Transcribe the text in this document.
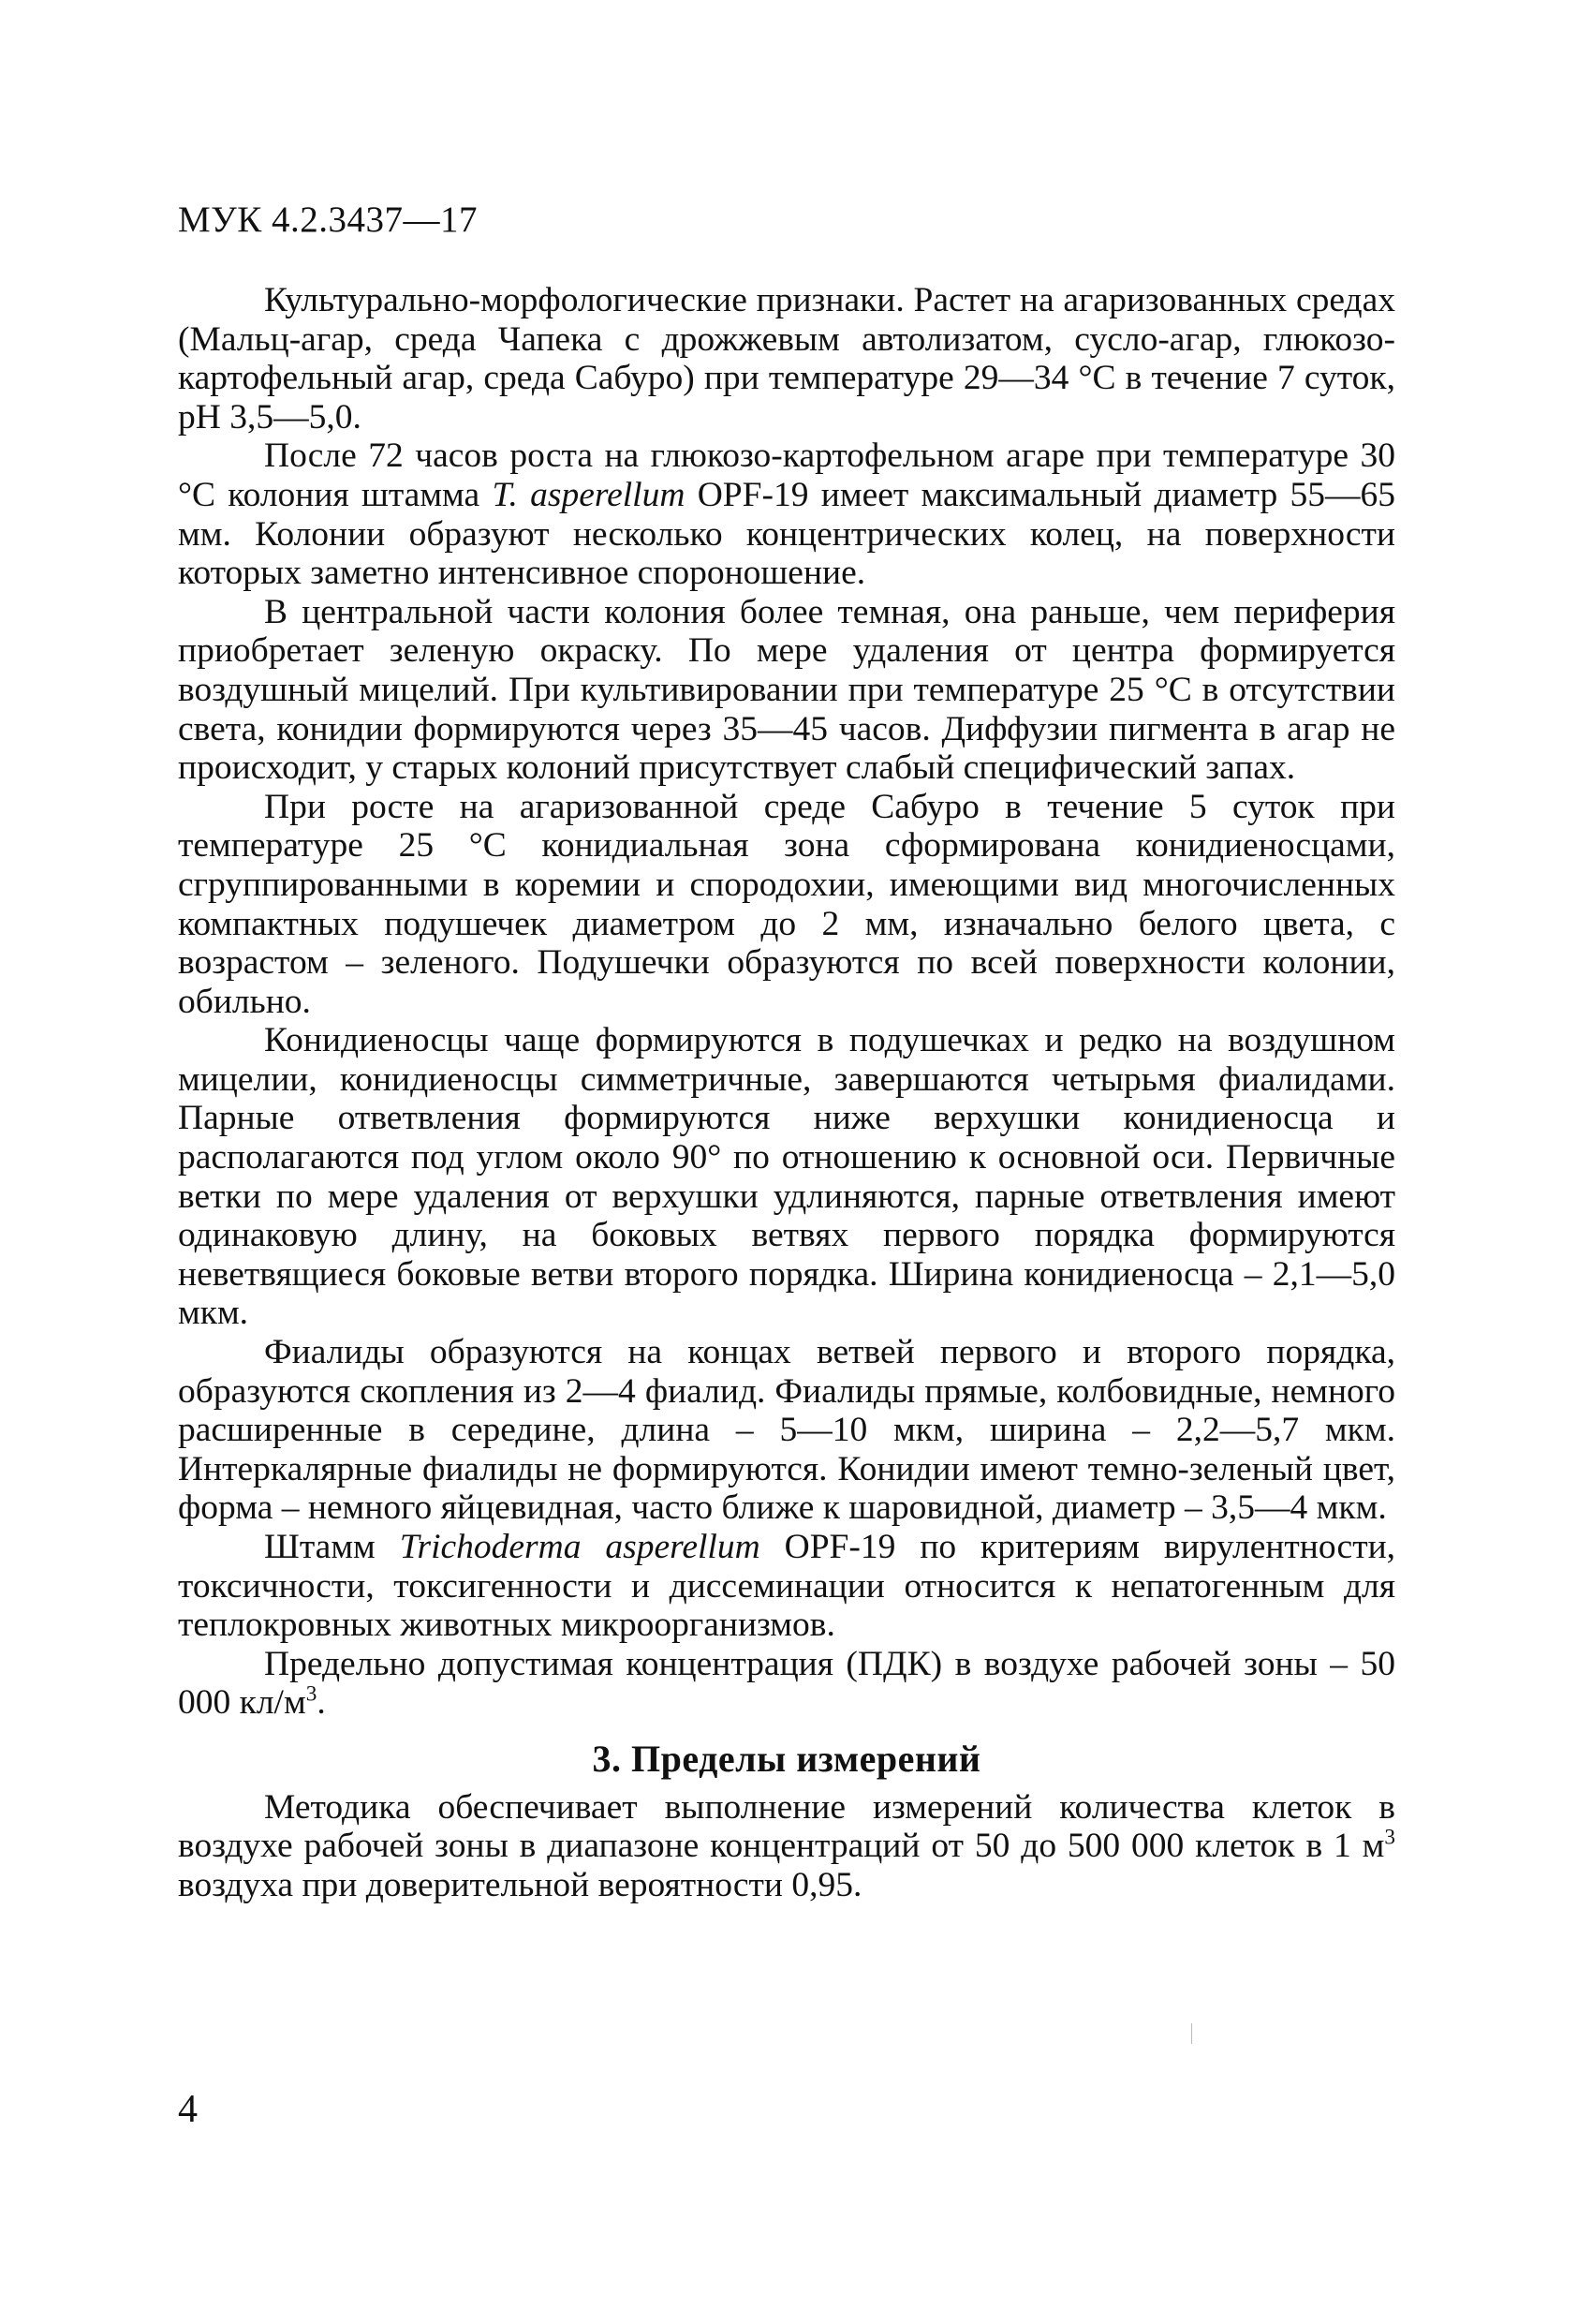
МУК 4.2.3437—17

Культурально-морфологические признаки. Растет на агаризованных средах (Мальц-агар, среда Чапека с дрожжевым автолизатом, сусло-агар, глюкозо-картофельный агар, среда Сабуро) при температуре 29—34 °С в течение 7 суток, рН 3,5—5,0.

После 72 часов роста на глюкозо-картофельном агаре при температуре 30 °С колония штамма T. asperellum ОРF-19 имеет максимальный диаметр 55—65 мм. Колонии образуют несколько концентрических колец, на поверхности которых заметно интенсивное спороношение.

В центральной части колония более темная, она раньше, чем периферия приобретает зеленую окраску. По мере удаления от центра формируется воздушный мицелий. При культивировании при температуре 25 °С в отсутствии света, конидии формируются через 35—45 часов. Диффузии пигмента в агар не происходит, у старых колоний присутствует слабый специфический запах.

При росте на агаризованной среде Сабуро в течение 5 суток при температуре 25 °С конидиальная зона сформирована конидиеносцами, сгруппированными в коремии и спородохии, имеющими вид многочисленных компактных подушечек диаметром до 2 мм, изначально белого цвета, с возрастом – зеленого. Подушечки образуются по всей поверхности колонии, обильно.

Конидиеносцы чаще формируются в подушечках и редко на воздушном мицелии, конидиеносцы симметричные, завершаются четырьмя фиалидами. Парные ответвления формируются ниже верхушки конидиеносца и располагаются под углом около 90° по отношению к основной оси. Первичные ветки по мере удаления от верхушки удлиняются, парные ответвления имеют одинаковую длину, на боковых ветвях первого порядка формируются неветвящиеся боковые ветви второго порядка. Ширина конидиеносца – 2,1—5,0 мкм.

Фиалиды образуются на концах ветвей первого и второго порядка, образуются скопления из 2—4 фиалид. Фиалиды прямые, колбовидные, немного расширенные в середине, длина – 5—10 мкм, ширина – 2,2—5,7 мкм. Интеркалярные фиалиды не формируются. Конидии имеют темно-зеленый цвет, форма – немного яйцевидная, часто ближе к шаровидной, диаметр – 3,5—4 мкм.

Штамм Trichoderma asperellum ОРF-19 по критериям вирулентности, токсичности, токсигенности и диссеминации относится к непатогенным для теплокровных животных микроорганизмов.

Предельно допустимая концентрация (ПДК) в воздухе рабочей зоны – 50 000 $кл/м^3$.

3. Пределы измерений

Методика обеспечивает выполнение измерений количества клеток в воздухе рабочей зоны в диапазоне концентраций от 50 до 500 000 клеток в 1 $м^3$ воздуха при доверительной вероятности 0,95.

4
